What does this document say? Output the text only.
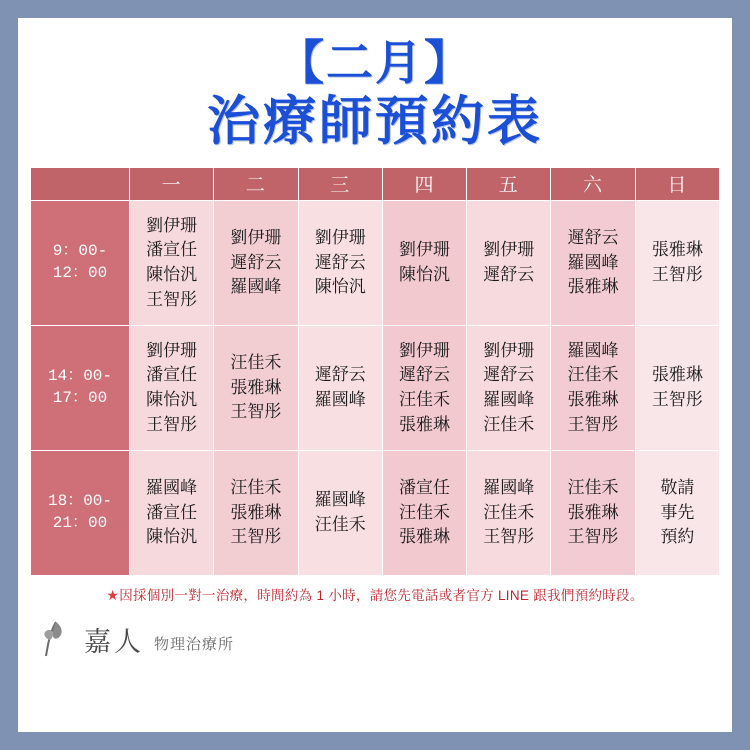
【二月】
治療師預約表
	一	二	三	四	五	六	日
9：00- 12：00	劉伊珊
潘宣任
陳怡汎
王智彤	劉伊珊
遲舒云
羅國峰	劉伊珊
遲舒云
陳怡汎	劉伊珊
陳怡汎	劉伊珊
遲舒云	遲舒云
羅國峰
張雅琳	張雅琳
王智彤

14：00- 17：00	劉伊珊
潘宣任
陳怡汎
王智彤	汪佳禾
張雅琳
王智彤	遲舒云
羅國峰	劉伊珊
遲舒云
汪佳禾
張雅琳	劉伊珊
遲舒云
羅國峰
汪佳禾	羅國峰
汪佳禾
張雅琳
王智彤	張雅琳
王智彤

18：00- 21：00	羅國峰
潘宣任
陳怡汎	汪佳禾
張雅琳
王智彤	羅國峰
汪佳禾	潘宣任
汪佳禾
張雅琳	羅國峰
汪佳禾
王智彤	汪佳禾
張雅琳
王智彤	敬請
事先
預約
★因採個別一對一治療，時間約為 1 小時，請您先電話或者官方 LINE 跟我們預約時段。
嘉人 物理治療所
